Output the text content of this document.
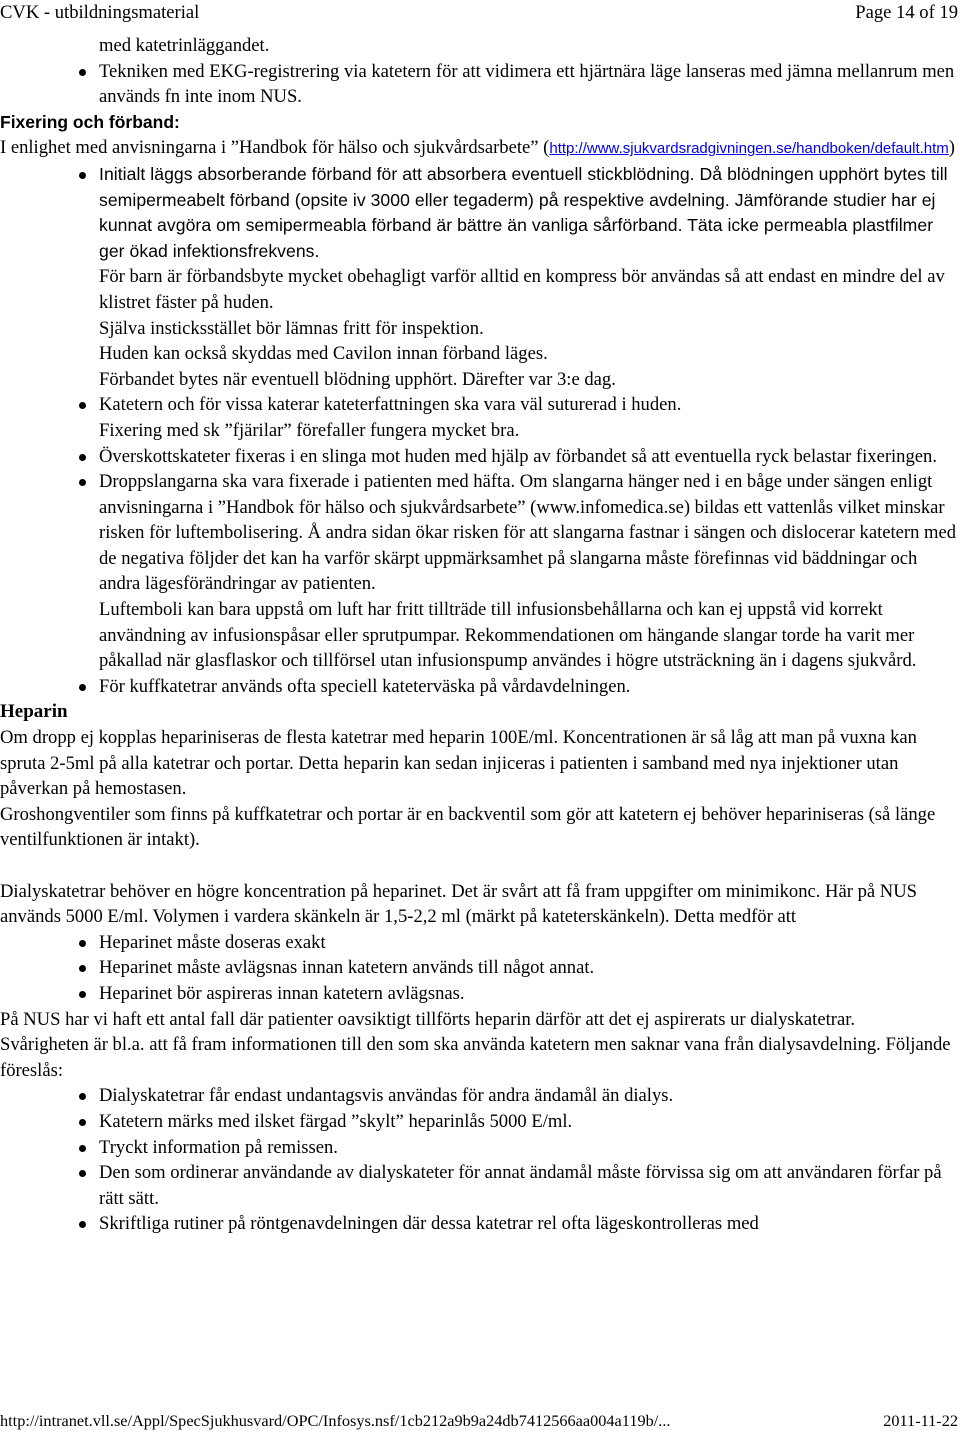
CVK - utbildningsmaterial	Page 14 of 19

med katetrinläggandet.

Tekniken med EKG-registrering via katetern för att vidimera ett hjärtnära läge lanseras med jämna mellanrum men används fn inte inom NUS.

Fixering och förband:

I enlighet med anvisningarna i ”Handbok för hälso och sjukvårdsarbete” (http://www.sjukvardsradgivningen.se/handboken/default.htm)

Initialt läggs absorberande förband för att absorbera eventuell stickblödning. Då blödningen upphört bytes till semipermeabelt förband (opsite iv 3000 eller tegaderm) på respektive avdelning. Jämförande studier har ej kunnat avgöra om semipermeabla förband är bättre än vanliga sårförband. Täta icke permeabla plastfilmer ger ökad infektionsfrekvens.

För barn är förbandsbyte mycket obehagligt varför alltid en kompress bör användas så att endast en mindre del av klistret fäster på huden.

Själva insticksstället bör lämnas fritt för inspektion.

Huden kan också skyddas med Cavilon innan förband läges.

Förbandet bytes när eventuell blödning upphört. Därefter var 3:e dag.

Katetern och för vissa katerar kateterfattningen ska vara väl suturerad i huden.
Fixering med sk ”fjärilar” förefaller fungera mycket bra.
Överskottskateter fixeras i en slinga mot huden med hjälp av förbandet så att eventuella ryck belastar fixeringen.
Droppslangarna ska vara fixerade i patienten med häfta. Om slangarna hänger ned i en båge under sängen enligt anvisningarna i ”Handbok för hälso och sjukvårdsarbete” (www.infomedica.se) bildas ett vattenlås vilket minskar risken för luftembolisering. Å andra sidan ökar risken för att slangarna fastnar i sängen och dislocerar katetern med de negativa följder det kan ha varför skärpt uppmärksamhet på slangarna måste förefinnas vid bäddningar och andra lägesförändringar av patienten.
Luftemboli kan bara uppstå om luft har fritt tillträde till infusionsbehållarna och kan ej uppstå vid korrekt användning av infusionspåsar eller sprutpumpar. Rekommendationen om hängande slangar torde ha varit mer påkallad när glasflaskor och tillförsel utan infusionspump användes i högre utsträckning än i dagens sjukvård.
För kuffkatetrar används ofta speciell kateterväska på vårdavdelningen.

Heparin

Om dropp ej kopplas hepariniseras de flesta katetrar med heparin 100E/ml. Koncentrationen är så låg att man på vuxna kan spruta 2-5ml på alla katetrar och portar. Detta heparin kan sedan injiceras i patienten i samband med nya injektioner utan påverkan på hemostasen.

Groshongventiler som finns på kuffkatetrar och portar är en backventil som gör att katetern ej behöver hepariniseras (så länge ventilfunktionen är intakt).

Dialyskatetrar behöver en högre koncentration på heparinet. Det är svårt att få fram uppgifter om minimikonc. Här på NUS används 5000 E/ml. Volymen i vardera skänkeln är 1,5-2,2 ml (märkt på kateterskänkeln). Detta medför att

Heparinet måste doseras exakt
Heparinet måste avlägsnas innan katetern används till något annat.
Heparinet bör aspireras innan katetern avlägsnas.

På NUS har vi haft ett antal fall där patienter oavsiktigt tillförts heparin därför att det ej aspirerats ur dialyskatetrar.

Svårigheten är bl.a. att få fram informationen till den som ska använda katetern men saknar vana från dialysavdelning. Följande föreslås:

Dialyskatetrar får endast undantagsvis användas för andra ändamål än dialys.
Katetern märks med ilsket färgad ”skylt” heparinlås 5000 E/ml.
Tryckt information på remissen.
Den som ordinerar användande av dialyskateter för annat ändamål måste förvissa sig om att användaren förfar på rätt sätt.
Skriftliga rutiner på röntgenavdelningen där dessa katetrar rel ofta lägeskontrolleras med
http://intranet.vll.se/Appl/SpecSjukhusvard/OPC/Infosys.nsf/1cb212a9b9a24db7412566aa004a119b/...	2011-11-22
